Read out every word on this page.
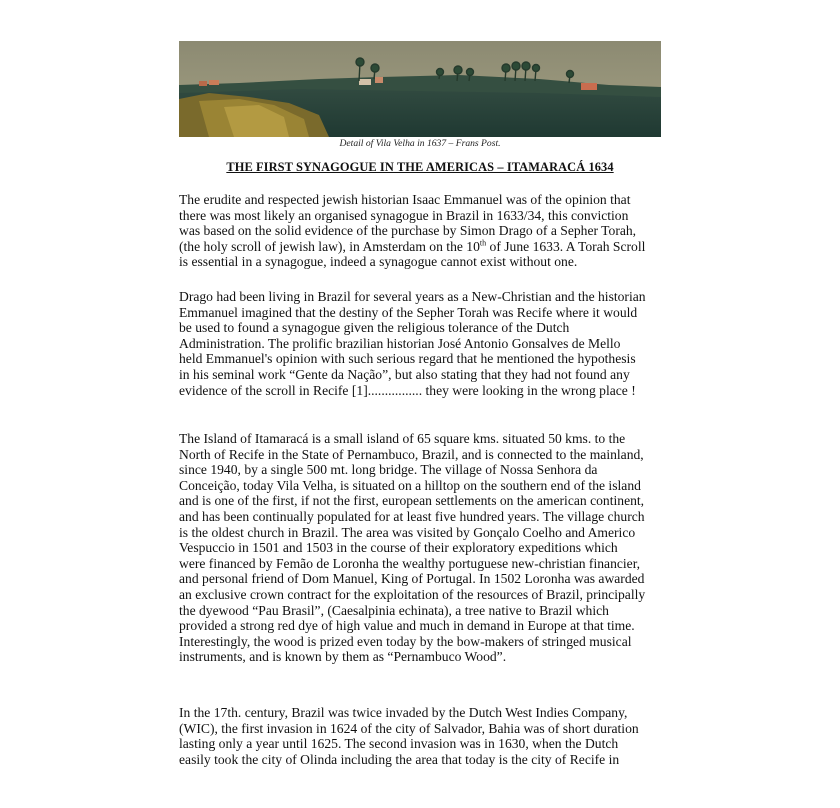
Detail of Vila Velha in 1637 – Frans Post.
THE FIRST SYNAGOGUE IN THE AMERICAS – ITAMARACÁ 1634
The erudite and respected jewish historian Isaac Emmanuel was of the opinion that
there was most likely an organised synagogue in Brazil in 1633/34, this conviction
was based on the solid evidence of the purchase by Simon Drago of a Sepher Torah,
(the holy scroll of jewish law), in Amsterdam on the 10th of June 1633. A Torah Scroll
is essential in a synagogue, indeed a synagogue cannot exist without one.
Drago had been living in Brazil for several years as a New-Christian and the historian
Emmanuel imagined that the destiny of the Sepher Torah was Recife where it would
be used to found a synagogue given the religious tolerance of the Dutch
Administration. The prolific brazilian historian José Antonio Gonsalves de Mello
held Emmanuel's opinion with such serious regard that he mentioned the hypothesis
in his seminal work “Gente da Nação”, but also stating that they had not found any
evidence of the scroll in Recife [1]................ they were looking in the wrong place !
The Island of Itamaracá is a small island of 65 square kms. situated 50 kms. to the
North of Recife in the State of Pernambuco, Brazil, and is connected to the mainland,
since 1940, by a single 500 mt. long bridge. The village of Nossa Senhora da
Conceição, today Vila Velha, is situated on a hilltop on the southern end of the island
and is one of the first, if not the first, european settlements on the american continent,
and has been continually populated for at least five hundred years. The village church
is the oldest church in Brazil. The area was visited by Gonçalo Coelho and Americo
Vespuccio in 1501 and 1503 in the course of their exploratory expeditions which
were financed by Femão de Loronha the wealthy portuguese new-christian financier,
and personal friend of Dom Manuel, King of Portugal. In 1502 Loronha was awarded
an exclusive crown contract for the exploitation of the resources of Brazil, principally
the dyewood “Pau Brasil”, (Caesalpinia echinata), a tree native to Brazil which
provided a strong red dye of high value and much in demand in Europe at that time.
Interestingly, the wood is prized even today by the bow-makers of stringed musical
instruments, and is known by them as “Pernambuco Wood”.
In the 17th. century, Brazil was twice invaded by the Dutch West Indies Company,
(WIC), the first invasion in 1624 of the city of Salvador, Bahia was of short duration
lasting only a year until 1625. The second invasion was in 1630, when the Dutch
easily took the city of Olinda including the area that today is the city of Recife in
